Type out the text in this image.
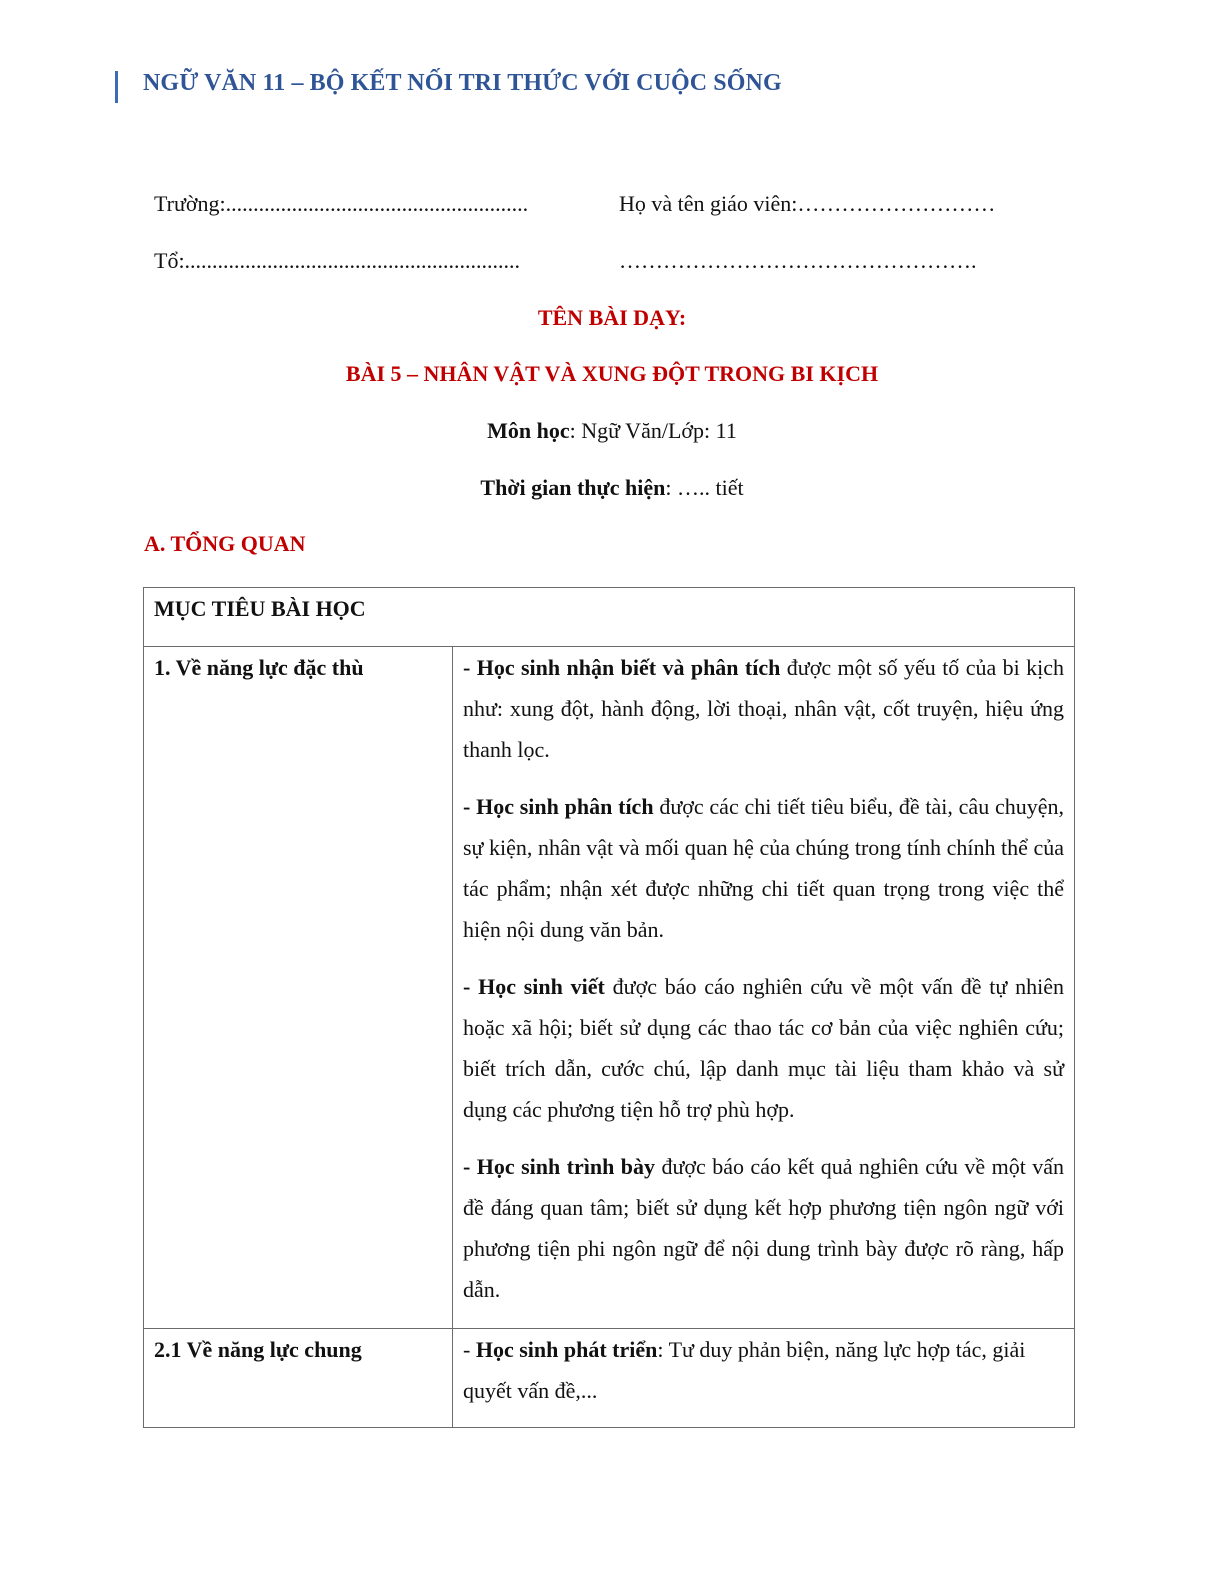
NGỮ VĂN 11 – BỘ KẾT NỐI TRI THỨC VỚI CUỘC SỐNG
Trường:.......................................................	Họ và tên giáo viên:………………………
Tổ:.............................................................	………………………………………….
TÊN BÀI DẠY:
BÀI 5 – NHÂN VẬT VÀ XUNG ĐỘT TRONG BI KỊCH
Môn học: Ngữ Văn/Lớp: 11
Thời gian thực hiện: ….. tiết
A. TỔNG QUAN
MỤC TIÊU BÀI HỌC	

1. Về năng lực đặc thù	- Học sinh nhận biết và phân tích được một số yếu tố của bi kịch như: xung đột, hành động, lời thoại, nhân vật, cốt truyện, hiệu ứng thanh lọc.

- Học sinh phân tích được các chi tiết tiêu biểu, đề tài, câu chuyện, sự kiện, nhân vật và mối quan hệ của chúng trong tính chính thể của tác phẩm; nhận xét được những chi tiết quan trọng trong việc thể hiện nội dung văn bản.

- Học sinh viết được báo cáo nghiên cứu về một vấn đề tự nhiên hoặc xã hội; biết sử dụng các thao tác cơ bản của việc nghiên cứu; biết trích dẫn, cước chú, lập danh mục tài liệu tham khảo và sử dụng các phương tiện hỗ trợ phù hợp.

- Học sinh trình bày được báo cáo kết quả nghiên cứu về một vấn đề đáng quan tâm; biết sử dụng kết hợp phương tiện ngôn ngữ với phương tiện phi ngôn ngữ để nội dung trình bày được rõ ràng, hấp dẫn.

2.1 Về năng lực chung	- Học sinh phát triển: Tư duy phản biện, năng lực hợp tác, giải quyết vấn đề,...
